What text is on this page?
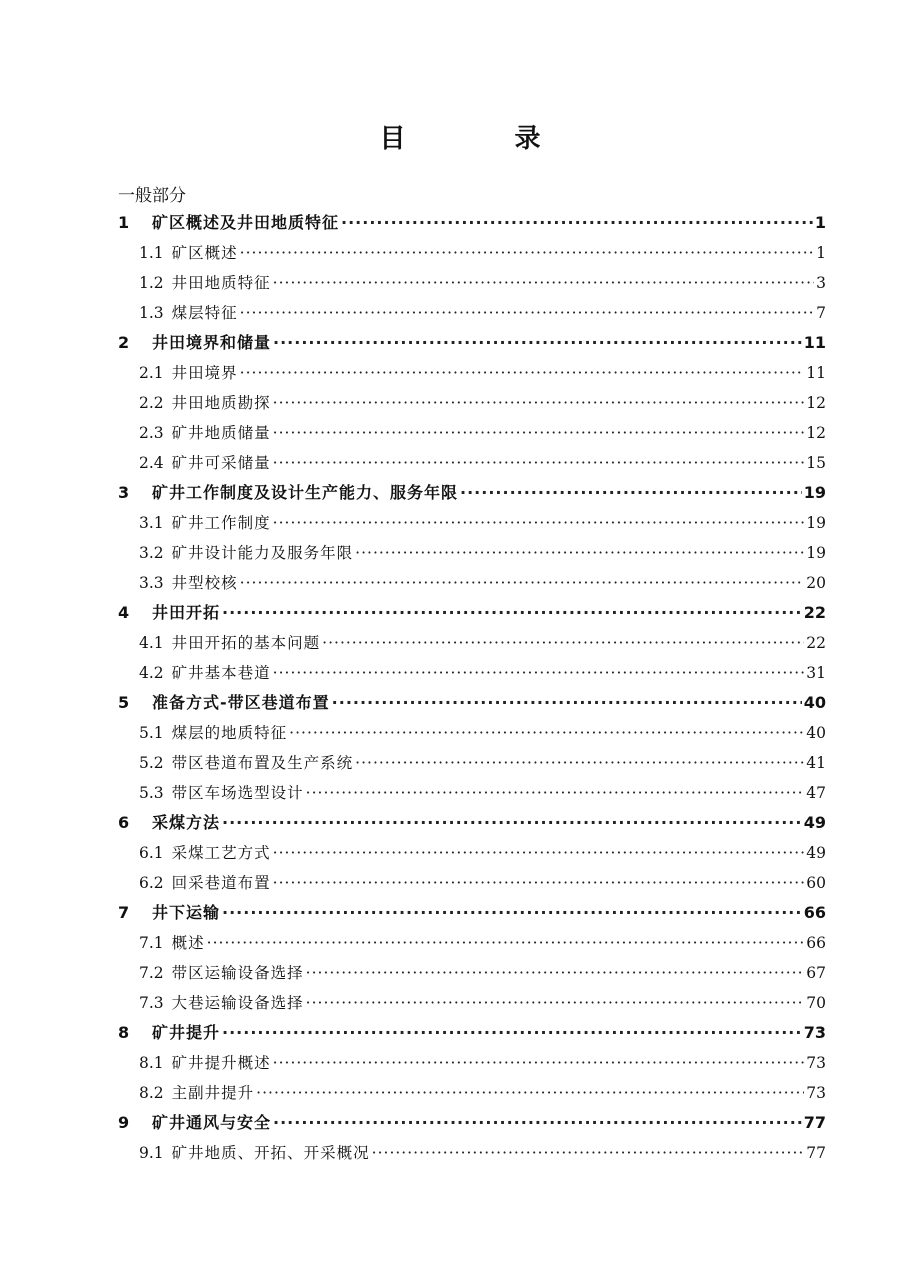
目 录
一般部分
1	矿区概述及井田地质特征 ·····	1
1.1 矿区概述 ·····	1
1.2 井田地质特征 ·····	3
1.3 煤层特征 ·····	7
2	井田境界和储量 ·····	11
2.1 井田境界 ·····	11
2.2 井田地质勘探 ·····	12
2.3 矿井地质储量 ·····	12
2.4 矿井可采储量 ·····	15
3	矿井工作制度及设计生产能力、服务年限 ·····	19
3.1 矿井工作制度 ·····	19
3.2 矿井设计能力及服务年限 ·····	19
3.3 井型校核 ·····	20
4	井田开拓 ·····	22
4.1 井田开拓的基本问题 ·····	22
4.2 矿井基本巷道 ·····	31
5	准备方式-带区巷道布置 ·····	40
5.1 煤层的地质特征 ·····	40
5.2 带区巷道布置及生产系统 ·····	41
5.3 带区车场选型设计 ·····	47
6	采煤方法 ·····	49
6.1 采煤工艺方式 ·····	49
6.2 回采巷道布置 ·····	60
7	井下运输 ·····	66
7.1 概述 ·····	66
7.2 带区运输设备选择 ·····	67
7.3 大巷运输设备选择 ·····	70
8	矿井提升 ·····	73
8.1 矿井提升概述 ·····	73
8.2 主副井提升 ·····	73
9	矿井通风与安全 ·····	77
9.1 矿井地质、开拓、开采概况 ·····	77
